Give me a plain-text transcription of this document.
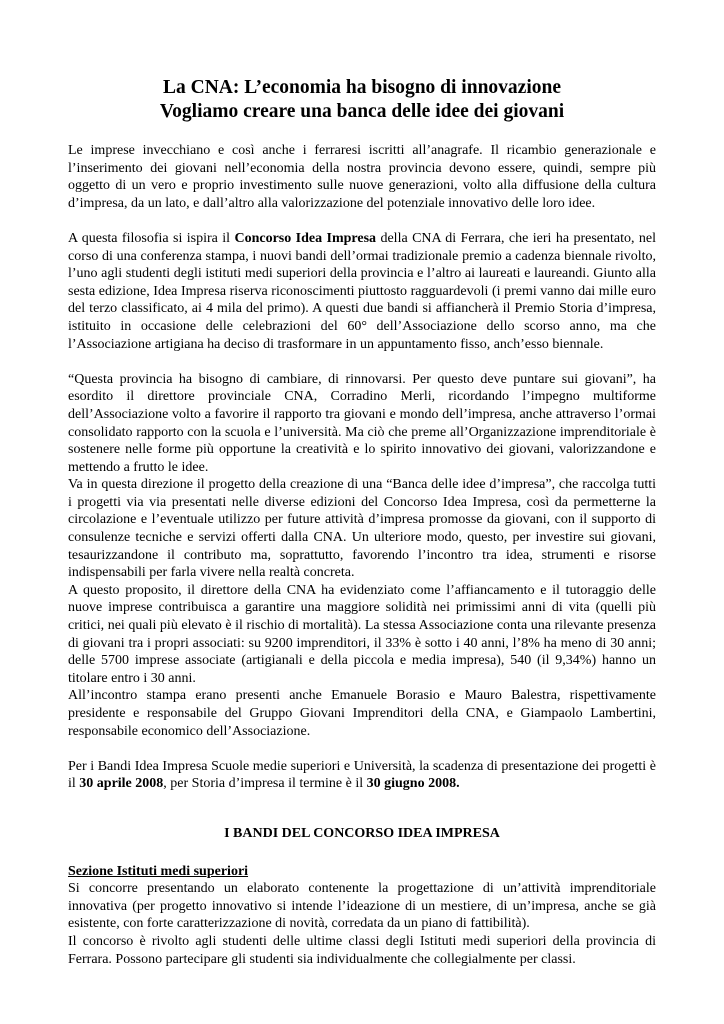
La CNA: L’economia ha bisogno di innovazione
Vogliamo creare una banca delle idee dei giovani

Le imprese invecchiano e così anche i ferraresi iscritti all’anagrafe. Il ricambio generazionale e l’inserimento dei giovani nell’economia della nostra provincia devono essere, quindi, sempre più oggetto di un vero e proprio investimento sulle nuove generazioni, volto alla diffusione della cultura d’impresa, da un lato, e dall’altro alla valorizzazione del potenziale innovativo delle loro idee.

A questa filosofia si ispira il Concorso Idea Impresa della CNA di Ferrara, che ieri ha presentato, nel corso di una conferenza stampa, i nuovi bandi dell’ormai tradizionale premio a cadenza biennale rivolto, l’uno agli studenti degli istituti medi superiori della provincia e l’altro ai laureati e laureandi. Giunto alla sesta edizione, Idea Impresa riserva riconoscimenti piuttosto ragguardevoli (i premi vanno dai mille euro del terzo classificato, ai 4 mila del primo). A questi due bandi si affiancherà il Premio Storia d’impresa, istituito in occasione delle celebrazioni del 60° dell’Associazione dello scorso anno, ma che l’Associazione artigiana ha deciso di trasformare in un appuntamento fisso, anch’esso biennale.

“Questa provincia ha bisogno di cambiare, di rinnovarsi. Per questo deve puntare sui giovani”, ha esordito il direttore provinciale CNA, Corradino Merli, ricordando l’impegno multiforme dell’Associazione volto a favorire il rapporto tra giovani e mondo dell’impresa, anche attraverso l’ormai consolidato rapporto con la scuola e l’università. Ma ciò che preme all’Organizzazione imprenditoriale è sostenere nelle forme più opportune la creatività e lo spirito innovativo dei giovani, valorizzandone e mettendo a frutto le idee.

Va in questa direzione il progetto della creazione di una “Banca delle idee d’impresa”, che raccolga tutti i progetti via via presentati nelle diverse edizioni del Concorso Idea Impresa, così da permetterne la circolazione e l’eventuale utilizzo per future attività d’impresa promosse da giovani, con il supporto di consulenze tecniche e servizi offerti dalla CNA. Un ulteriore modo, questo, per investire sui giovani, tesaurizzandone il contributo ma, soprattutto, favorendo l’incontro tra idea, strumenti e risorse indispensabili per farla vivere nella realtà concreta.

A questo proposito, il direttore della CNA ha evidenziato come l’affiancamento e il tutoraggio delle nuove imprese contribuisca a garantire una maggiore solidità nei primissimi anni di vita (quelli più critici, nei quali più elevato è il rischio di mortalità). La stessa Associazione conta una rilevante presenza di giovani tra i propri associati: su 9200 imprenditori, il 33% è sotto i 40 anni, l’8% ha meno di 30 anni; delle 5700 imprese associate (artigianali e della piccola e media impresa), 540 (il 9,34%) hanno un titolare entro i 30 anni.

All’incontro stampa erano presenti anche Emanuele Borasio e Mauro Balestra, rispettivamente presidente e responsabile del Gruppo Giovani Imprenditori della CNA, e Giampaolo Lambertini, responsabile economico dell’Associazione.

Per i Bandi Idea Impresa Scuole medie superiori e Università, la scadenza di presentazione dei progetti è il 30 aprile 2008, per Storia d’impresa il termine è il 30 giugno 2008.

I BANDI DEL CONCORSO IDEA IMPRESA

Sezione Istituti medi superiori

Si concorre presentando un elaborato contenente la progettazione di un’attività imprenditoriale innovativa (per progetto innovativo si intende l’ideazione di un mestiere, di un’impresa, anche se già esistente, con forte caratterizzazione di novità, corredata da un piano di fattibilità).

Il concorso è rivolto agli studenti delle ultime classi degli Istituti medi superiori della provincia di Ferrara. Possono partecipare gli studenti sia individualmente che collegialmente per classi.
